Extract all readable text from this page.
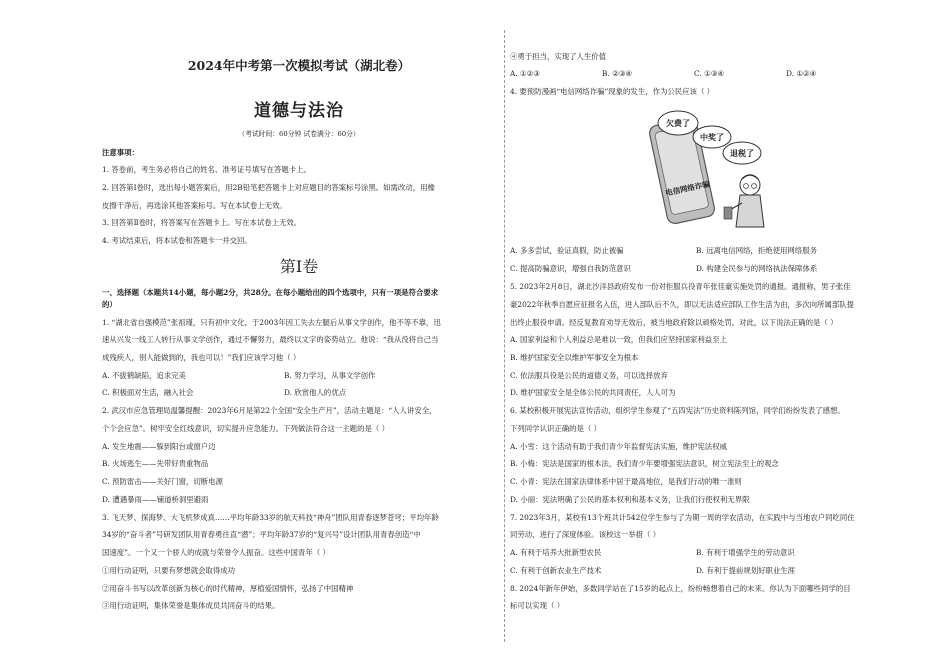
2024年中考第一次模拟考试（湖北卷）
道德与法治
（考试时间：60分钟 试卷满分：60分）
注意事项：
1. 答卷前，考生务必将自己的姓名、准考证号填写在答题卡上。
2. 回答第Ⅰ卷时，选出每小题答案后，用2B铅笔把答题卡上对应题目的答案标号涂黑。如需改动，用橡
皮擦干净后，再选涂其他答案标号。写在本试卷上无效。
3. 回答第Ⅱ卷时，将答案写在答题卡上。写在本试卷上无效。
4. 考试结束后，将本试卷和答题卡一并交回。
第Ⅰ卷
一、选择题（本题共14小题，每小题2分，共28分。在每小题给出的四个选项中，只有一项是符合要求
的）
1. “湖北省自强模范”张祖瑾，只有初中文化，于2003年因工失去左腿后从事文学创作，他不等不靠，迅
速从兴发一线工人转行从事文学创作，通过不懈努力，最终以文字的姿势站立。他说：“我从没将自己当
成残疾人，别人能做到的，我也可以！”我们应该学习他（ ）
A. 不拔鹤缺陷，追求完美	B. 努力学习，从事文学创作
C. 积极面对生活，融入社会	D. 欣赏他人的优点
2. 武汉市应急管理局温馨提醒：2023年6月是第22个全国“安全生产月”，活动主题是：“人人讲安全，
个个会应急”。树牢安全红线意识，切实提升应急能力。下列做法符合这一主题的是（ ）
A. 发生地震——躲到阳台或窗户边
B. 火场逃生——先带好贵重物品
C. 预防雷击——关好门窗，切断电源
D. 遭遇暴雨——铺道桥洞里避雨
3. 飞天梦、探海梦、大飞机梦成真……平均年龄33岁的航天科技“神舟”团队用青春逐梦苍穹；平均年龄
34岁的“奋斗者”号研发团队用青春勇往直“潜”；平均年龄37岁的“复兴号”设计团队用青春创造“中
国速度”。一个又一个骄人的成就与荣誉令人振奋。这些中国青年（ ）
①用行动证明，只要有梦想就会取得成功
②用奋斗书写以改革创新为核心的时代精神，厚植爱国情怀，弘扬了中国精神
③用行动证明，集体荣誉是集体成员共同奋斗的结果。
④勇于担当，实现了人生价值
A. ①②③	B. ②③④	C. ①③④	D. ①②④
4. 要预防漫画“电信网络诈骗”现象的发生，作为公民应该（ ）
欠费了
中奖了
退税了
电信网络诈骗
A. 多多尝试，验证真假，防止被骗	B. 远离电信网络，拒绝使用网络服务
C. 提高防骗意识，增强自我防范意识	D. 构建全民参与的网络执法保障体系
5. 2023年2月8日，湖北沙洋县政府发布一份对拒服兵役青年张佳豪实施处罚的通报。通报称，男子张佳
豪2022年秋季自愿应征报名入伍，进入部队后不久，即以无法适应部队工作生活为由，多次向所属部队提
出终止服役申请。经反复教育劝导无效后，被当地政府除以顽格处罚。对此，以下说法正确的是（ ）
A. 国家利益和个人利益总是难以一致，但我们应坚持国家利益至上
B. 维护国家安全以维护军事安全为根本
C. 依法服兵役是公民的道德义务，可以选择放弃
D. 维护国家安全是全体公民的共同责任，人人可为
6. 某校积极开展宪法宣传活动，组织学生参观了“五四宪法”历史资料陈列馆，同学们纷纷发表了感想。
下列同学认识正确的是（ ）
A. 小雪：这个活动有助于我们青少年监督宪法实施，维护宪法权威
B. 小梅：宪法是国家的根本法，我们青少年要增强宪法意识，树立宪法至上的观念
C. 小青：宪法在国家法律体系中居于最高地位，是我们行动的唯一准则
D. 小丽：宪法明确了公民的基本权利和基本义务，让我们行使权利无界限
7. 2023年3月，某校有13个班共计542位学生参与了为期一周的学农活动，在实践中与当地农户同吃同住
同劳动，进行了深度体验。该校这一举措（ ）
A. 有利于培养大批新型农民	B. 有利于增强学生的劳动意识
C. 有利于创新农业生产技术	D. 有利于提前规划好职业生涯
8. 2024年新年伊始，多数同学站在了15岁的起点上，纷纷畅想着自己的未来。你认为下面哪些同学的目
标可以实现（ ）
